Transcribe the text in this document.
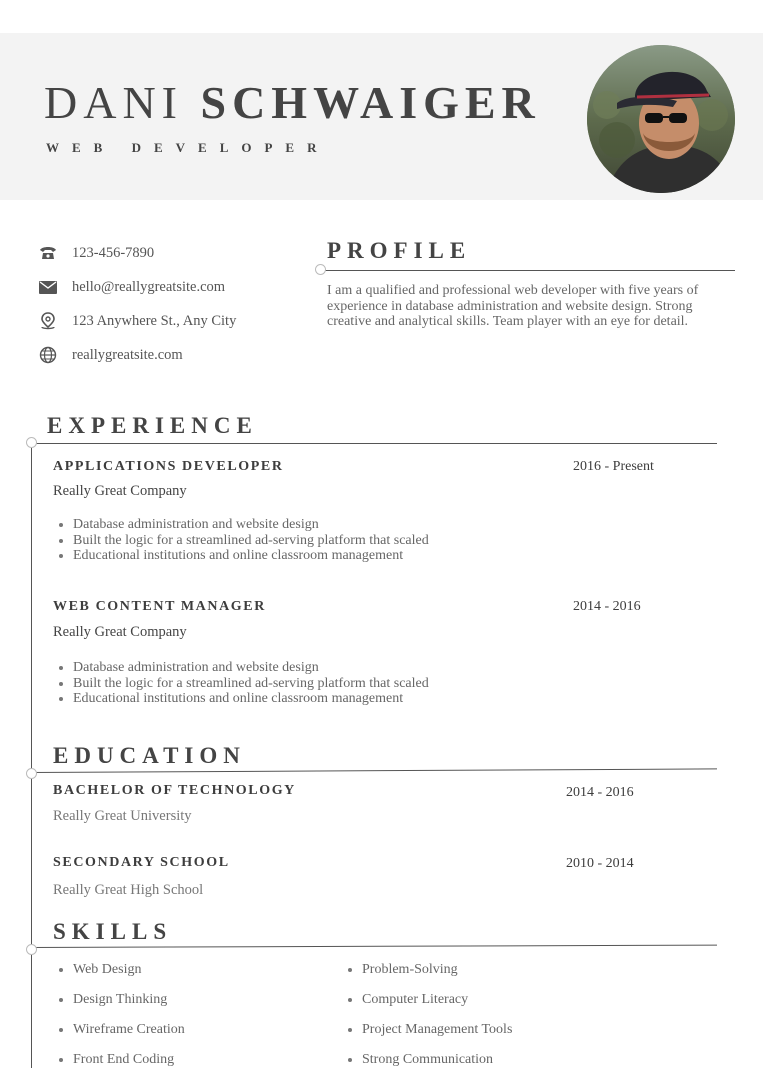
DANI SCHWAIGER
WEB DEVELOPER
123-456-7890
hello@reallygreatsite.com
123 Anywhere St., Any City
reallygreatsite.com
PROFILE
I am a qualified and professional web developer with five years of experience in database administration and website design. Strong creative and analytical skills. Team player with an eye for detail.
EXPERIENCE
APPLICATIONS DEVELOPER	2016 - Present
Really Great Company
Database administration and website design
Built the logic for a streamlined ad-serving platform that scaled
Educational institutions and online classroom management
WEB CONTENT MANAGER	2014 - 2016
Really Great Company
Database administration and website design
Built the logic for a streamlined ad-serving platform that scaled
Educational institutions and online classroom management
EDUCATION
BACHELOR OF TECHNOLOGY	2014 - 2016
Really Great University
SECONDARY SCHOOL	2010 - 2014
Really Great High School
SKILLS
Web Design
Design Thinking
Wireframe Creation
Front End Coding
Problem-Solving
Computer Literacy
Project Management Tools
Strong Communication
